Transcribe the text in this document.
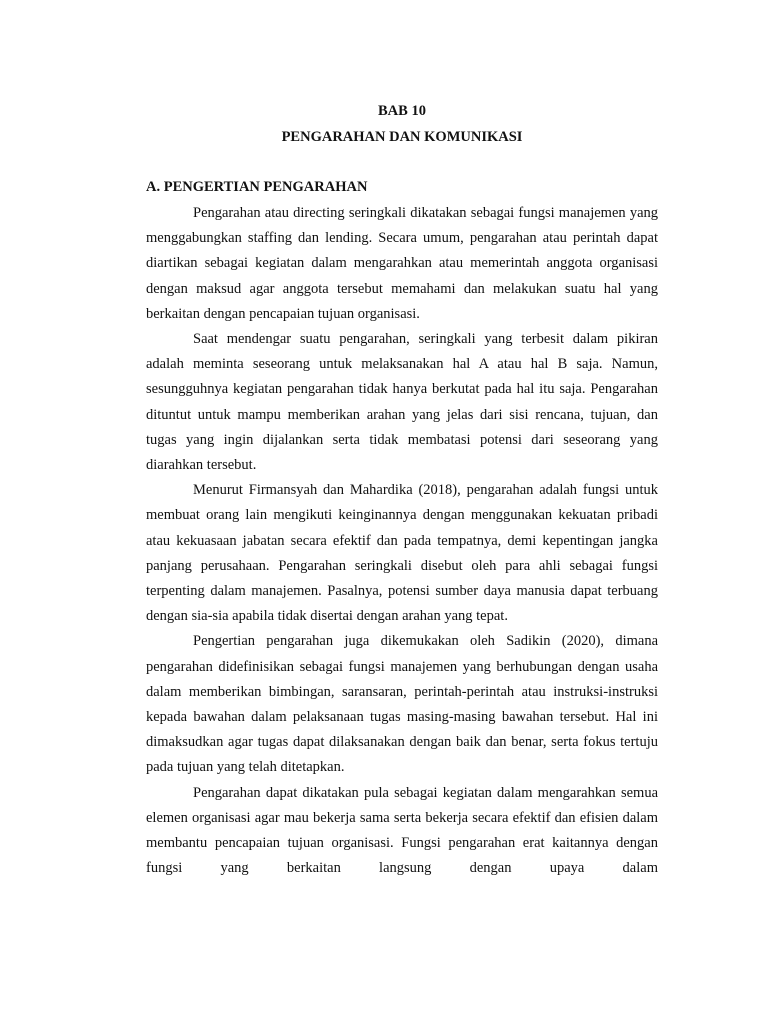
BAB 10
PENGARAHAN DAN KOMUNIKASI
A. PENGERTIAN PENGARAHAN

Pengarahan atau directing seringkali dikatakan sebagai fungsi manajemen yang menggabungkan staffing dan lending. Secara umum, pengarahan atau perintah dapat diartikan sebagai kegiatan dalam mengarahkan atau memerintah anggota organisasi dengan maksud agar anggota tersebut memahami dan melakukan suatu hal yang berkaitan dengan pencapaian tujuan organisasi.

Saat mendengar suatu pengarahan, seringkali yang terbesit dalam pikiran adalah meminta seseorang untuk melaksanakan hal A atau hal B saja. Namun, sesungguhnya kegiatan pengarahan tidak hanya berkutat pada hal itu saja. Pengarahan dituntut untuk mampu memberikan arahan yang jelas dari sisi rencana, tujuan, dan tugas yang ingin dijalankan serta tidak membatasi potensi dari seseorang yang diarahkan tersebut.

Menurut Firmansyah dan Mahardika (2018), pengarahan adalah fungsi untuk membuat orang lain mengikuti keinginannya dengan menggunakan kekuatan pribadi atau kekuasaan jabatan secara efektif dan pada tempatnya, demi kepentingan jangka panjang perusahaan. Pengarahan seringkali disebut oleh para ahli sebagai fungsi terpenting dalam manajemen. Pasalnya, potensi sumber daya manusia dapat terbuang dengan sia-sia apabila tidak disertai dengan arahan yang tepat.

Pengertian pengarahan juga dikemukakan oleh Sadikin (2020), dimana pengarahan didefinisikan sebagai fungsi manajemen yang berhubungan dengan usaha dalam memberikan bimbingan, saransaran, perintah-perintah atau instruksi-instruksi kepada bawahan dalam pelaksanaan tugas masing-masing bawahan tersebut. Hal ini dimaksudkan agar tugas dapat dilaksanakan dengan baik dan benar, serta fokus tertuju pada tujuan yang telah ditetapkan.

Pengarahan dapat dikatakan pula sebagai kegiatan dalam mengarahkan semua elemen organisasi agar mau bekerja sama serta bekerja secara efektif dan efisien dalam membantu pencapaian tujuan organisasi. Fungsi pengarahan erat kaitannya dengan fungsi yang berkaitan langsung dengan upaya dalam
